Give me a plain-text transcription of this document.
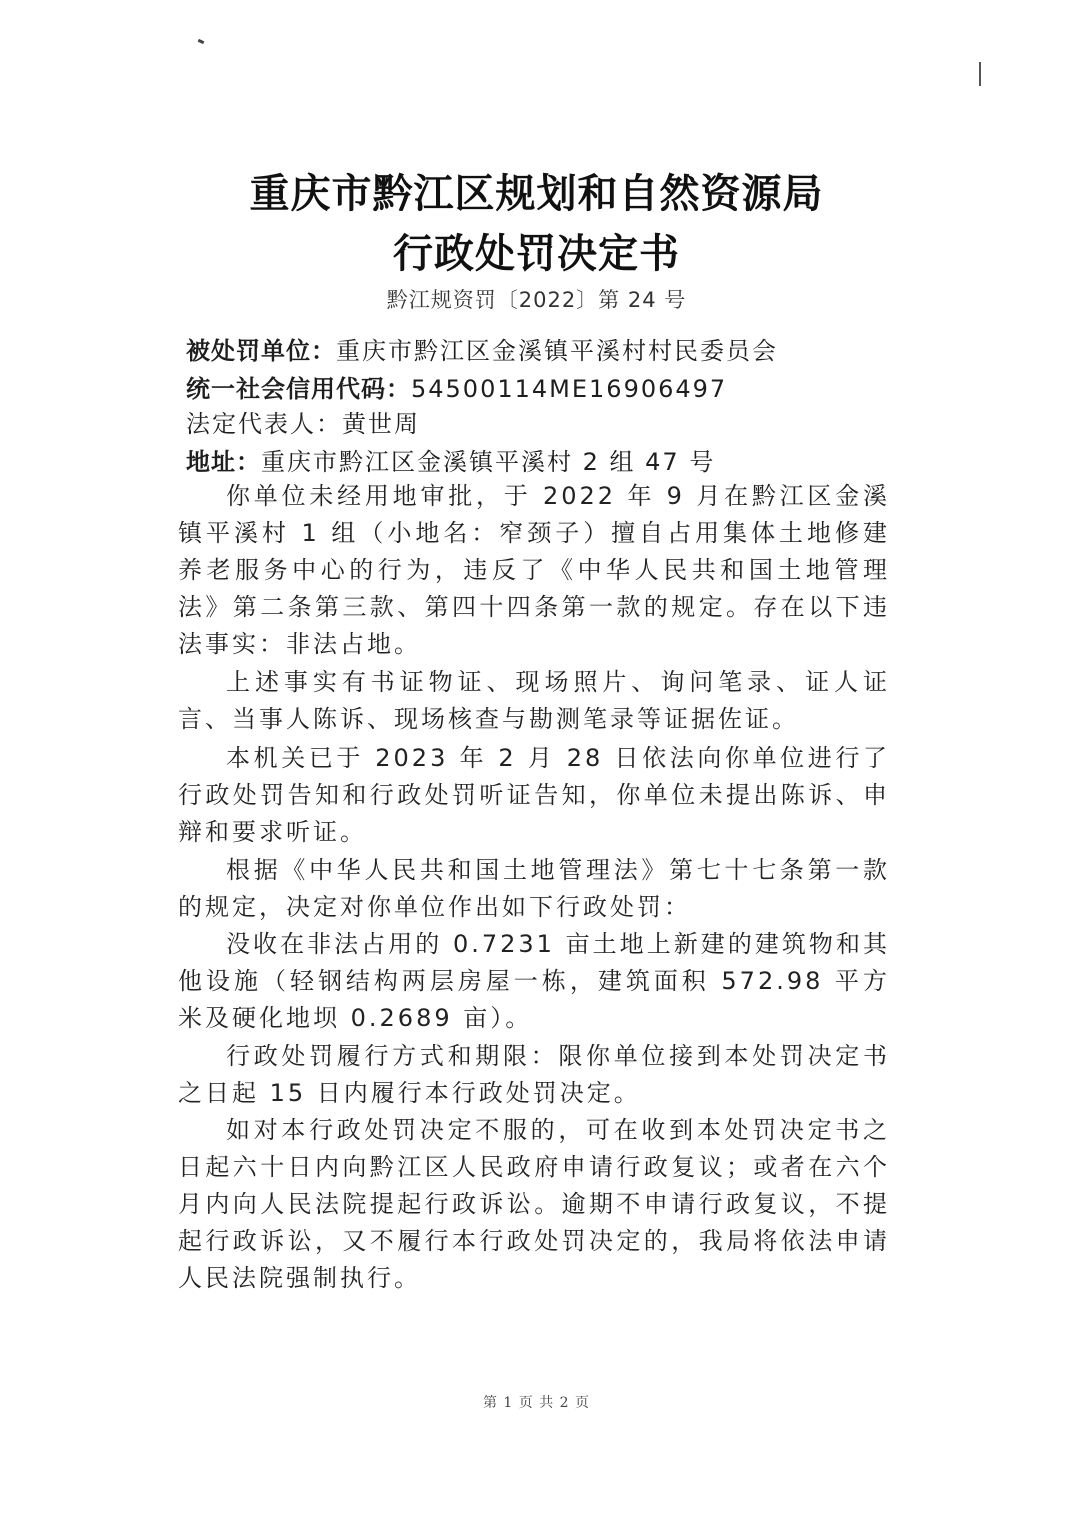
重庆市黔江区规划和自然资源局
行政处罚决定书
黔江规资罚〔2022〕第 24 号
被处罚单位：重庆市黔江区金溪镇平溪村村民委员会
统一社会信用代码：54500114ME16906497
法定代表人：黄世周
地址：重庆市黔江区金溪镇平溪村 2 组 47 号

你单位未经用地审批，于 2022 年 9 月在黔江区金溪镇平溪村 1 组（小地名：窄颈子）擅自占用集体土地修建养老服务中心的行为，违反了《中华人民共和国土地管理法》第二条第三款、第四十四条第一款的规定。存在以下违法事实：非法占地。

上述事实有书证物证、现场照片、询问笔录、证人证言、当事人陈诉、现场核查与勘测笔录等证据佐证。

本机关已于 2023 年 2 月 28 日依法向你单位进行了行政处罚告知和行政处罚听证告知，你单位未提出陈诉、申辩和要求听证。

根据《中华人民共和国土地管理法》第七十七条第一款的规定，决定对你单位作出如下行政处罚：

没收在非法占用的 0.7231 亩土地上新建的建筑物和其他设施（轻钢结构两层房屋一栋，建筑面积 572.98 平方米及硬化地坝 0.2689 亩）。

行政处罚履行方式和期限：限你单位接到本处罚决定书之日起 15 日内履行本行政处罚决定。

如对本行政处罚决定不服的，可在收到本处罚决定书之日起六十日内向黔江区人民政府申请行政复议；或者在六个月内向人民法院提起行政诉讼。逾期不申请行政复议，不提起行政诉讼，又不履行本行政处罚决定的，我局将依法申请人民法院强制执行。

第 1 页 共 2 页
